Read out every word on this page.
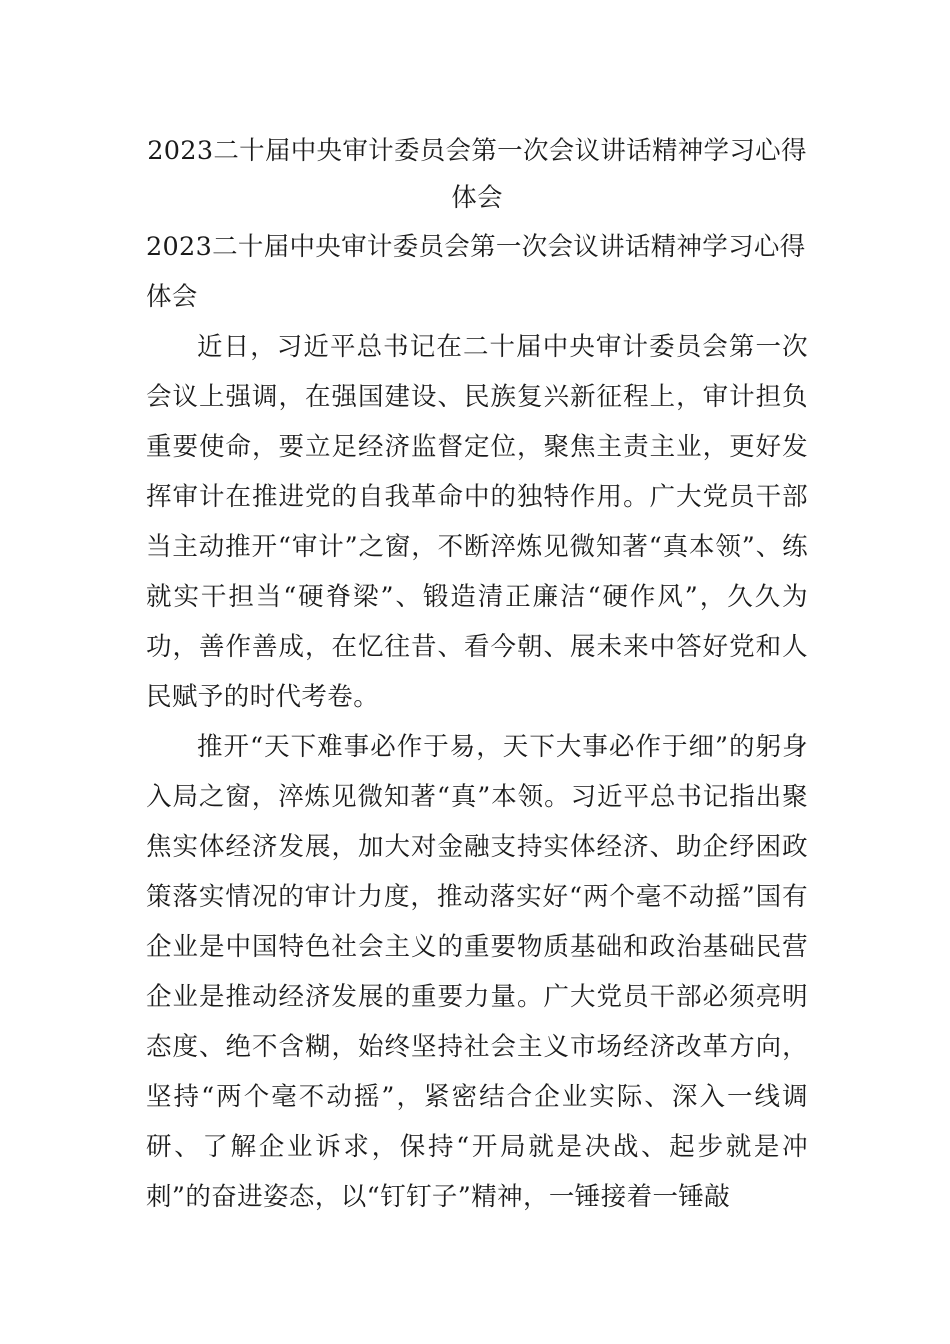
2023二十届中央审计委员会第一次会议讲话精神学习心得体会

2023二十届中央审计委员会第一次会议讲话精神学习心得体会

近日，习近平总书记在二十届中央审计委员会第一次会议上强调，在强国建设、民族复兴新征程上，审计担负重要使命，要立足经济监督定位，聚焦主责主业，更好发挥审计在推进党的自我革命中的独特作用。广大党员干部当主动推开“审计”之窗，不断淬炼见微知著“真本领”、练就实干担当“硬脊梁”、锻造清正廉洁“硬作风”，久久为功，善作善成，在忆往昔、看今朝、展未来中答好党和人民赋予的时代考卷。

推开“天下难事必作于易，天下大事必作于细”的躬身入局之窗，淬炼见微知著“真”本领。习近平总书记指出聚焦实体经济发展，加大对金融支持实体经济、助企纾困政策落实情况的审计力度，推动落实好“两个毫不动摇”国有企业是中国特色社会主义的重要物质基础和政治基础民营企业是推动经济发展的重要力量。广大党员干部必须亮明态度、绝不含糊，始终坚持社会主义市场经济改革方向，坚持“两个毫不动摇”，紧密结合企业实际、深入一线调研、了解企业诉求，保持“开局就是决战、起步就是冲刺”的奋进姿态，以“钉钉子”精神，一锤接着一锤敲
